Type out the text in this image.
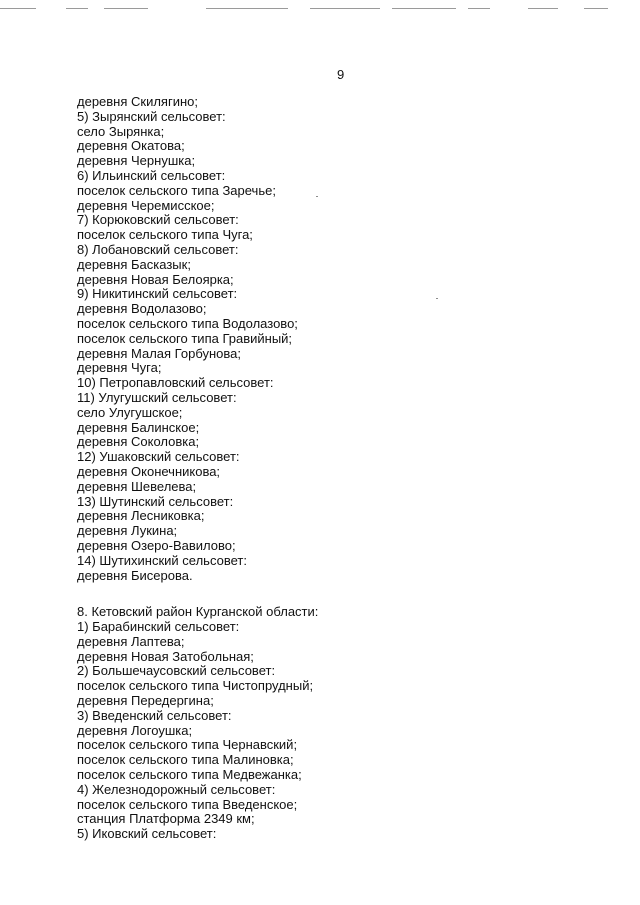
9
деревня Скилягино;
5) Зырянский сельсовет:
село Зырянка;
деревня Окатова;
деревня Чернушка;
6) Ильинский сельсовет:
поселок сельского типа Заречье;
деревня Черемисское;
7) Корюковский сельсовет:
поселок сельского типа Чуга;
8) Лобановский сельсовет:
деревня Басказык;
деревня Новая Белоярка;
9) Никитинский сельсовет:
деревня Водолазово;
поселок сельского типа Водолазово;
поселок сельского типа Гравийный;
деревня Малая Горбунова;
деревня Чуга;
10) Петропавловский сельсовет:
11) Улугушский сельсовет:
село Улугушское;
деревня Балинское;
деревня Соколовка;
12) Ушаковский сельсовет:
деревня Оконечникова;
деревня Шевелева;
13) Шутинский сельсовет:
деревня Лесниковка;
деревня Лукина;
деревня Озеро-Вавилово;
14) Шутихинский сельсовет:
деревня Бисерова.
8. Кетовский район Курганской области:
1) Барабинский сельсовет:
деревня Лаптева;
деревня Новая Затобольная;
2) Большечаусовский сельсовет:
поселок сельского типа Чистопрудный;
деревня Передергина;
3) Введенский сельсовет:
деревня Логоушка;
поселок сельского типа Чернавский;
поселок сельского типа Малиновка;
поселок сельского типа Медвежанка;
4) Железнодорожный сельсовет:
поселок сельского типа Введенское;
станция Платформа 2349 км;
5) Иковский сельсовет:
